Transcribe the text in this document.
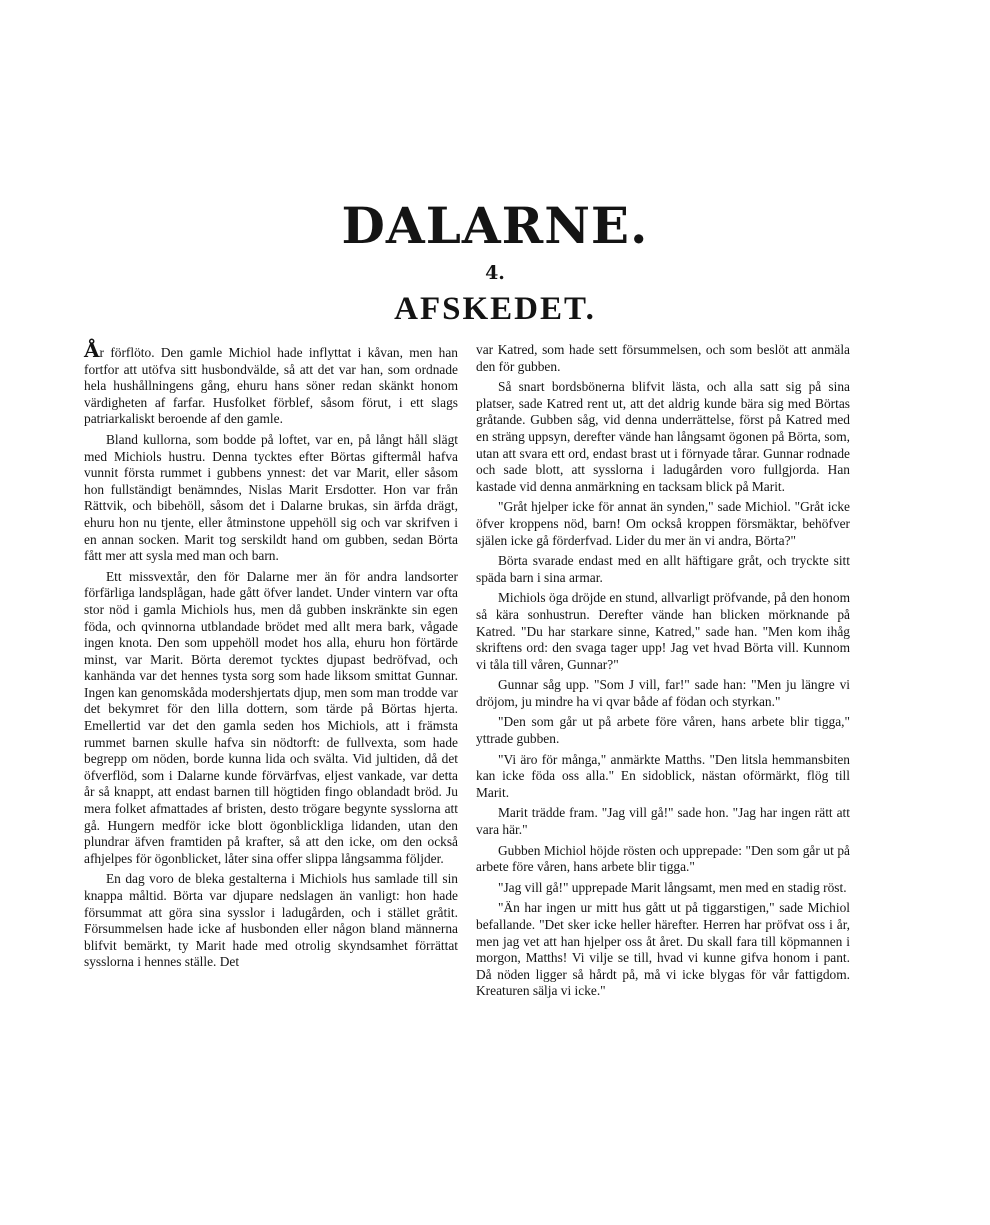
DALARNE.
4.
AFSKEDET.

År förflöto. Den gamle Michiol hade inflyttat i kåvan, men han fortfor att utöfva sitt husbondvälde, så att det var han, som ordnade hela hushållningens gång, ehuru hans söner redan skänkt honom värdigheten af farfar. Husfolket förblef, såsom förut, i ett slags patriarkaliskt beroende af den gamle.

Bland kullorna, som bodde på loftet, var en, på långt håll slägt med Michiols hustru. Denna tycktes efter Börtas giftermål hafva vunnit första rummet i gubbens ynnest: det var Marit, eller såsom hon fullständigt benämndes, Nislas Marit Ersdotter. Hon var från Rättvik, och bibehöll, såsom det i Dalarne brukas, sin ärfda drägt, ehuru hon nu tjente, eller åtminstone uppehöll sig och var skrifven i en annan socken. Marit tog serskildt hand om gubben, sedan Börta fått mer att sysla med man och barn.

Ett missvextår, den för Dalarne mer än för andra landsorter förfärliga landsplågan, hade gått öfver landet. Under vintern var ofta stor nöd i gamla Michiols hus, men då gubben inskränkte sin egen föda, och qvinnorna utblandade brödet med allt mera bark, vågade ingen knota. Den som uppehöll modet hos alla, ehuru hon förtärde minst, var Marit. Börta deremot tycktes djupast bedröfvad, och kanhända var det hennes tysta sorg som hade liksom smittat Gunnar. Ingen kan genomskåda modershjertats djup, men som man trodde var det bekymret för den lilla dottern, som tärde på Börtas hjerta. Emellertid var det den gamla seden hos Michiols, att i främsta rummet barnen skulle hafva sin nödtorft: de fullvexta, som hade begrepp om nöden, borde kunna lida och svälta. Vid jultiden, då det öfverflöd, som i Dalarne kunde förvärfvas, eljest vankade, var detta år så knappt, att endast barnen till högtiden fingo oblandadt bröd. Ju mera folket afmattades af bristen, desto trögare begynte sysslorna att gå. Hungern medför icke blott ögonblickliga lidanden, utan den plundrar äfven framtiden på krafter, så att den icke, om den också afhjelpes för ögonblicket, låter sina offer slippa långsamma följder.

En dag voro de bleka gestalterna i Michiols hus samlade till sin knappa måltid. Börta var djupare nedslagen än vanligt: hon hade försummat att göra sina sysslor i ladugården, och i stället gråtit. Försummelsen hade icke af husbonden eller någon bland männerna blifvit bemärkt, ty Marit hade med otrolig skyndsamhet förrättat sysslorna i hennes ställe. Det

var Katred, som hade sett försummelsen, och som beslöt att anmäla den för gubben.

Så snart bordsbönerna blifvit lästa, och alla satt sig på sina platser, sade Katred rent ut, att det aldrig kunde bära sig med Börtas gråtande. Gubben såg, vid denna underrättelse, först på Katred med en sträng uppsyn, derefter vände han långsamt ögonen på Börta, som, utan att svara ett ord, endast brast ut i förnyade tårar. Gunnar rodnade och sade blott, att sysslorna i ladugården voro fullgjorda. Han kastade vid denna anmärkning en tacksam blick på Marit.

"Gråt hjelper icke för annat än synden," sade Michiol. "Gråt icke öfver kroppens nöd, barn! Om också kroppen försmäktar, behöfver själen icke gå förderfvad. Lider du mer än vi andra, Börta?"

Börta svarade endast med en allt häftigare gråt, och tryckte sitt späda barn i sina armar.

Michiols öga dröjde en stund, allvarligt pröfvande, på den honom så kära sonhustrun. Derefter vände han blicken mörknande på Katred. "Du har starkare sinne, Katred," sade han. "Men kom ihåg skriftens ord: den svaga tager upp! Jag vet hvad Börta vill. Kunnom vi tåla till våren, Gunnar?"

Gunnar såg upp. "Som J vill, far!" sade han: "Men ju längre vi dröjom, ju mindre ha vi qvar både af födan och styrkan."

"Den som går ut på arbete före våren, hans arbete blir tigga," yttrade gubben.

"Vi äro för många," anmärkte Matths. "Den litsla hemmansbiten kan icke föda oss alla." En sidoblick, nästan oförmärkt, flög till Marit.

Marit trädde fram. "Jag vill gå!" sade hon. "Jag har ingen rätt att vara här."

Gubben Michiol höjde rösten och upprepade: "Den som går ut på arbete före våren, hans arbete blir tigga."

"Jag vill gå!" upprepade Marit långsamt, men med en stadig röst.

"Än har ingen ur mitt hus gått ut på tiggarstigen," sade Michiol befallande. "Det sker icke heller härefter. Herren har pröfvat oss i år, men jag vet att han hjelper oss åt året. Du skall fara till köpmannen i morgon, Matths! Vi vilje se till, hvad vi kunne gifva honom i pant. Då nöden ligger så hårdt på, må vi icke blygas för vår fattigdom. Kreaturen sälja vi icke."
